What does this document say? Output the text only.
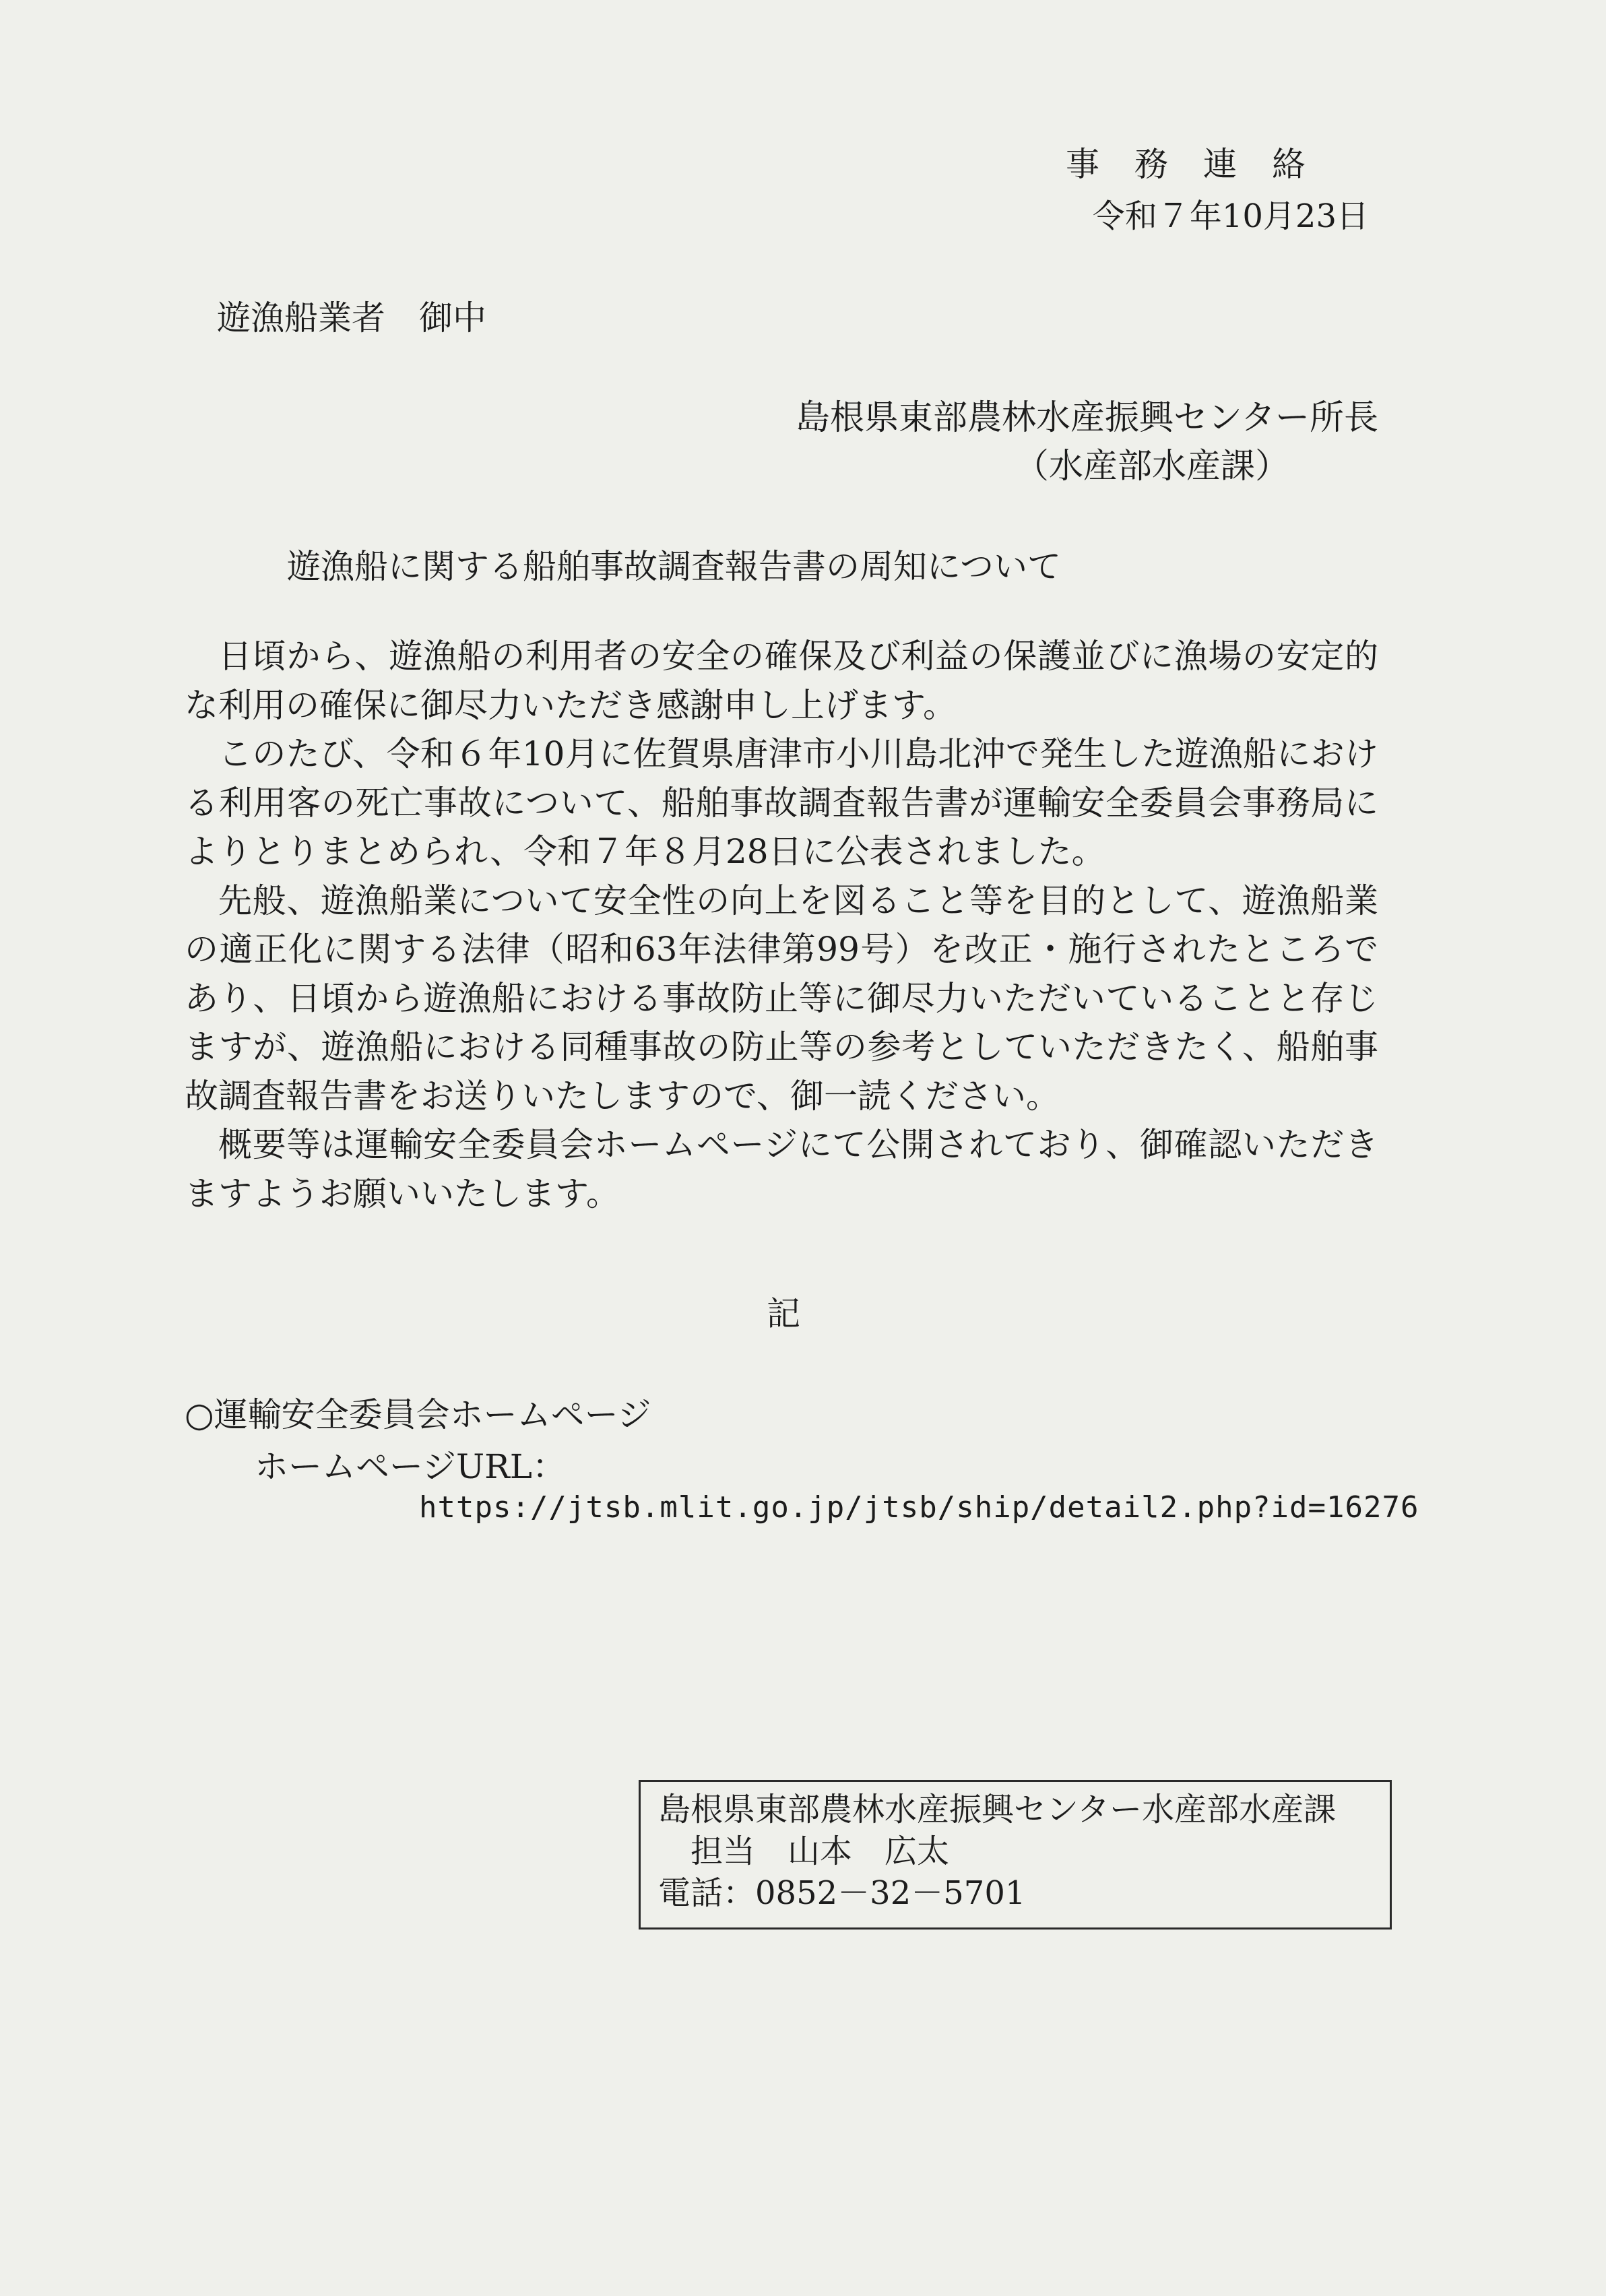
事務連絡
令和７年10月23日
遊漁船業者　御中
島根県東部農林水産振興センター所長
（水産部水産課）
遊漁船に関する船舶事故調査報告書の周知について

日頃から、遊漁船の利用者の安全の確保及び利益の保護並びに漁場の安定的な利用の確保に御尽力いただき感謝申し上げます。

このたび、令和６年10月に佐賀県唐津市小川島北沖で発生した遊漁船における利用客の死亡事故について、船舶事故調査報告書が運輸安全委員会事務局によりとりまとめられ、令和７年８月28日に公表されました。

先般、遊漁船業について安全性の向上を図ること等を目的として、遊漁船業の適正化に関する法律（昭和63年法律第99号）を改正・施行されたところであり、日頃から遊漁船における事故防止等に御尽力いただいていることと存じますが、遊漁船における同種事故の防止等の参考としていただきたく、船舶事故調査報告書をお送りいたしますので、御一読ください。

概要等は運輸安全委員会ホームページにて公開されており、御確認いただきますようお願いいたします。

記
○運輸安全委員会ホームページ
ホームページURL：
https://jtsb.mlit.go.jp/jtsb/ship/detail2.php?id=16276
島根県東部農林水産振興センター水産部水産課
　担当　山本　広太
電話：0852－32－5701
